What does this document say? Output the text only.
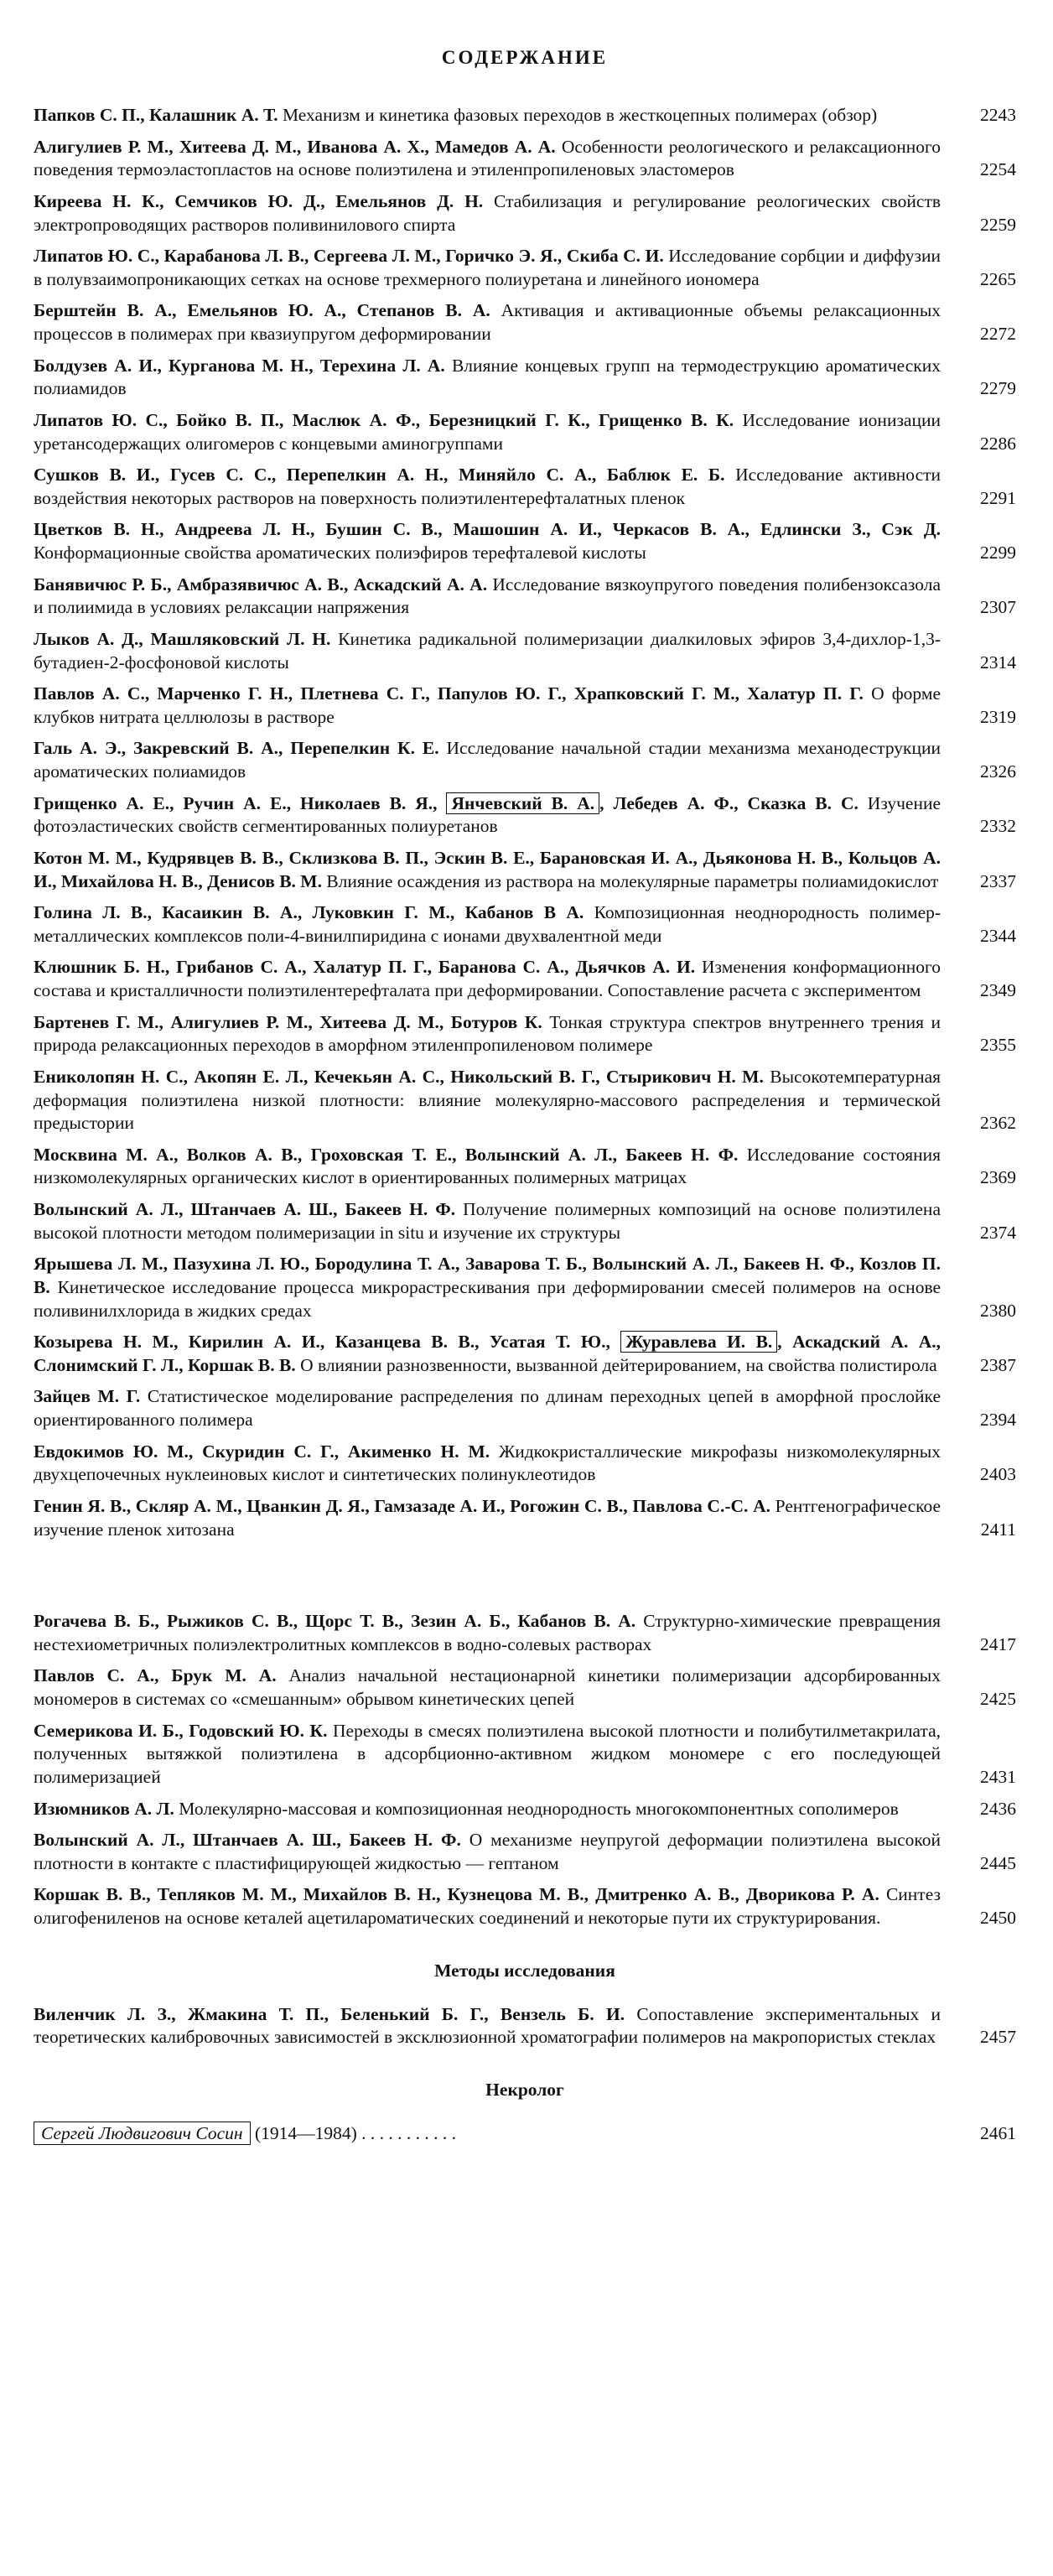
СОДЕРЖАНИЕ
Папков С. П., Калашник А. Т. Механизм и кинетика фазовых переходов в жесткоцепных полимерах (обзор)	2243
Алигулиев Р. М., Хитеева Д. М., Иванова А. Х., Мамедов А. А. Особенности реологического и релаксационного поведения термоэластопластов на основе полиэтилена и этиленпропиленовых эластомеров	2254
Киреева Н. К., Семчиков Ю. Д., Емельянов Д. Н. Стабилизация и регулирование реологических свойств электропроводящих растворов поливинилового спирта	2259
Липатов Ю. С., Карабанова Л. В., Сергеева Л. М., Горичко Э. Я., Скиба С. И. Исследование сорбции и диффузии в полувзаимопроникающих сетках на основе трехмерного полиуретана и линейного иономера	2265
Берштейн В. А., Емельянов Ю. А., Степанов В. А. Активация и активационные объемы релаксационных процессов в полимерах при квазиупругом деформировании	2272
Болдузев А. И., Курганова М. Н., Терехина Л. А. Влияние концевых групп на термодеструкцию ароматических полиамидов	2279
Липатов Ю. С., Бойко В. П., Маслюк А. Ф., Березницкий Г. К., Грищенко В. К. Исследование ионизации уретансодержащих олигомеров с концевыми аминогруппами	2286
Сушков В. И., Гусев С. С., Перепелкин А. Н., Миняйло С. А., Баблюк Е. Б. Исследование активности воздействия некоторых растворов на поверхность полиэтилентерефталатных пленок	2291
Цветков В. Н., Андреева Л. Н., Бушин С. В., Машошин А. И., Черкасов В. А., Едлински З., Сэк Д. Конформационные свойства ароматических полиэфиров терефталевой кислоты	2299
Банявичюс Р. Б., Амбразявичюс А. В., Аскадский А. А. Исследование вязкоупругого поведения полибензоксазола и полиимида в условиях релаксации напряжения	2307
Лыков А. Д., Машляковский Л. Н. Кинетика радикальной полимеризации диалкиловых эфиров 3,4-дихлор-1,3-бутадиен-2-фосфоновой кислоты	2314
Павлов А. С., Марченко Г. Н., Плетнева С. Г., Папулов Ю. Г., Храпковский Г. М., Халатур П. Г. О форме клубков нитрата целлюлозы в растворе	2319
Галь А. Э., Закревский В. А., Перепелкин К. Е. Исследование начальной стадии механизма механодеструкции ароматических полиамидов	2326
Грищенко А. Е., Ручин А. Е., Николаев В. Я., Янчевский В. А. , Лебедев А. Ф., Сказка В. С. Изучение фотоэластических свойств сегментированных полиуретанов	2332
Котон М. М., Кудрявцев В. В., Склизкова В. П., Эскин В. Е., Барановская И. А., Дьяконова Н. В., Кольцов А. И., Михайлова Н. В., Денисов В. М. Влияние осаждения из раствора на молекулярные параметры полиамидокислот	2337
Голина Л. В., Касаикин В. А., Луковкин Г. М., Кабанов В А. Композиционная неоднородность полимер-металлических комплексов поли-4-винилпиридина с ионами двухвалентной меди	2344
Клюшник Б. Н., Грибанов С. А., Халатур П. Г., Баранова С. А., Дьячков А. И. Изменения конформационного состава и кристалличности полиэтилентерефталата при деформировании. Сопоставление расчета с экспериментом	2349
Бартенев Г. М., Алигулиев Р. М., Хитеева Д. М., Ботуров К. Тонкая структура спектров внутреннего трения и природа релаксационных переходов в аморфном этиленпропиленовом полимере	2355
Ениколопян Н. С., Акопян Е. Л., Кечекьян А. С., Никольский В. Г., Стырикович Н. М. Высокотемпературная деформация полиэтилена низкой плотности: влияние молекулярно-массового распределения и термической предыстории	2362
Москвина М. А., Волков А. В., Гроховская Т. Е., Волынский А. Л., Бакеев Н. Ф. Исследование состояния низкомолекулярных органических кислот в ориентированных полимерных матрицах	2369
Волынский А. Л., Штанчаев А. Ш., Бакеев Н. Ф. Получение полимерных композиций на основе полиэтилена высокой плотности методом полимеризации in situ и изучение их структуры	2374
Ярышева Л. М., Пазухина Л. Ю., Бородулина Т. А., Заварова Т. Б., Волынский А. Л., Бакеев Н. Ф., Козлов П. В. Кинетическое исследование процесса микрорастрескивания при деформировании смесей полимеров на основе поливинилхлорида в жидких средах	2380
Козырева Н. М., Кирилин А. И., Казанцева В. В., Усатая Т. Ю., Журавлева И. В. , Аскадский А. А., Слонимский Г. Л., Коршак В. В. О влиянии разнозвенности, вызванной дейтерированием, на свойства полистирола	2387
Зайцев М. Г. Статистическое моделирование распределения по длинам переходных цепей в аморфной прослойке ориентированного полимера	2394
Евдокимов Ю. М., Скуридин С. Г., Акименко Н. М. Жидкокристаллические микрофазы низкомолекулярных двухцепочечных нуклеиновых кислот и синтетических полинуклеотидов	2403
Генин Я. В., Скляр А. М., Цванкин Д. Я., Гамзазаде А. И., Рогожин С. В., Павлова С.-С. А. Рентгенографическое изучение пленок хитозана	2411
Рогачева В. Б., Рыжиков С. В., Щорс Т. В., Зезин А. Б., Кабанов В. А. Структурно-химические превращения нестехиометричных полиэлектролитных комплексов в водно-солевых растворах	2417
Павлов С. А., Брук М. А. Анализ начальной нестационарной кинетики полимеризации адсорбированных мономеров в системах со «смешанным» обрывом кинетических цепей	2425
Семерикова И. Б., Годовский Ю. К. Переходы в смесях полиэтилена высокой плотности и полибутилметакрилата, полученных вытяжкой полиэтилена в адсорбционно-активном жидком мономере с его последующей полимеризацией	2431
Изюмников А. Л. Молекулярно-массовая и композиционная неоднородность многокомпонентных сополимеров	2436
Волынский А. Л., Штанчаев А. Ш., Бакеев Н. Ф. О механизме неупругой деформации полиэтилена высокой плотности в контакте с пластифицирующей жидкостью — гептаном	2445
Коршак В. В., Тепляков М. М., Михайлов В. Н., Кузнецова М. В., Дмитренко А. В., Дворикова Р. А. Синтез олигофениленов на основе кеталей ацетилароматических соединений и некоторые пути их структурирования.	2450
Методы исследования
Виленчик Л. З., Жмакина Т. П., Беленький Б. Г., Вензель Б. И. Сопоставление экспериментальных и теоретических калибровочных зависимостей в эксклюзионной хроматографии полимеров на макропористых стеклах	2457
Некролог
Сергей Людвигович Сосин (1914—1984) . . . . . . . . . . .	2461
